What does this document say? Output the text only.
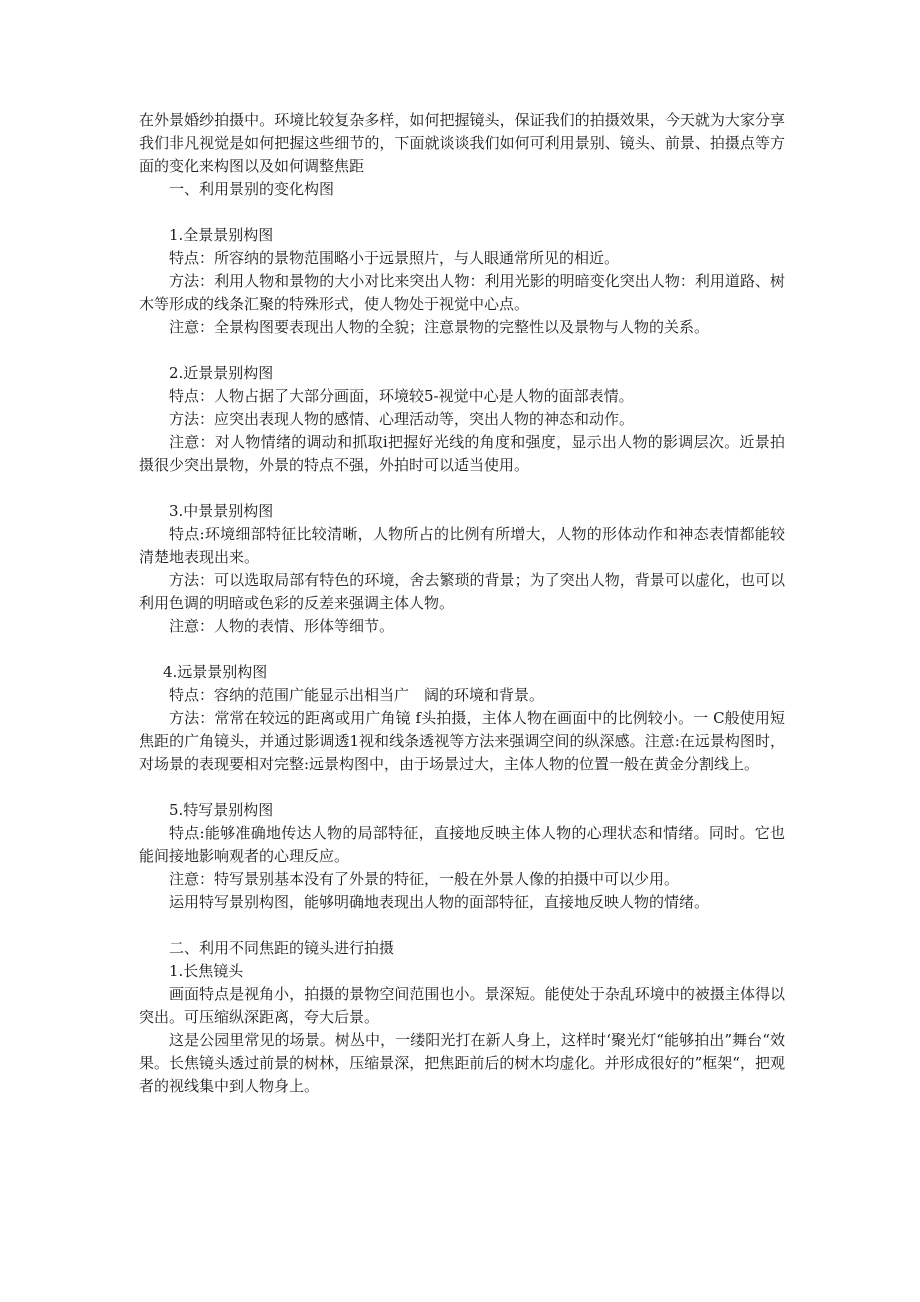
在外景婚纱拍摄中。环境比较复杂多样，如何把握镜头，保证我们的拍摄效果，今天就为大家分享我们非凡视觉是如何把握这些细节的，下面就谈谈我们如何可利用景别、镜头、前景、拍摄点等方面的变化来构图以及如何调整焦距

一、利用景别的变化构图

1.全景景别构图

特点：所容纳的景物范围略小于远景照片，与人眼通常所见的相近。

方法：利用人物和景物的大小对比来突出人物：利用光影的明暗变化突出人物：利用道路、树木等形成的线条汇聚的特殊形式，使人物处于视觉中心点。

注意：全景构图要表现出人物的全貌；注意景物的完整性以及景物与人物的关系。

2.近景景别构图

特点：人物占据了大部分画面，环境较5-视觉中心是人物的面部表情。

方法：应突出表现人物的感情、心理活动等，突出人物的神态和动作。

注意：对人物情绪的调动和抓取i把握好光线的角度和强度，显示出人物的影调层次。近景拍摄很少突出景物，外景的特点不强，外拍时可以适当使用。

3.中景景别构图

特点:环境细部特征比较清晰，人物所占的比例有所增大，人物的形体动作和神态表情都能较清楚地表现出来。

方法：可以选取局部有特色的环境，舍去繁琐的背景；为了突出人物，背景可以虚化，也可以利用色调的明暗或色彩的反差来强调主体人物。

注意：人物的表情、形体等细节。

4.远景景别构图

特点：容纳的范围广能显示出相当广　阔的环境和背景。

方法：常常在较远的距离或用广角镜 f头拍摄，主体人物在画面中的比例较小。一 C般使用短焦距的广角镜头，并通过影调透1视和线条透视等方法来强调空间的纵深感。注意:在远景构图时，对场景的表现要相对完整:远景构图中，由于场景过大，主体人物的位置一般在黄金分割线上。

5.特写景别构图

特点:能够准确地传达人物的局部特征，直接地反映主体人物的心理状态和情绪。同时。它也能间接地影响观者的心理反应。

注意：特写景别基本没有了外景的特征，一般在外景人像的拍摄中可以少用。

运用特写景别构图，能够明确地表现出人物的面部特征，直接地反映人物的情绪。

二、利用不同焦距的镜头进行拍摄

1.长焦镜头

画面特点是视角小，拍摄的景物空间范围也小。景深短。能使处于杂乱环境中的被摄主体得以突出。可压缩纵深距离，夸大后景。

这是公园里常见的场景。树丛中，一缕阳光打在新人身上，这样时‘聚光灯“能够拍出”舞台“效果。长焦镜头透过前景的树林，压缩景深，把焦距前后的树木均虚化。并形成很好的”框架“，把观者的视线集中到人物身上。
